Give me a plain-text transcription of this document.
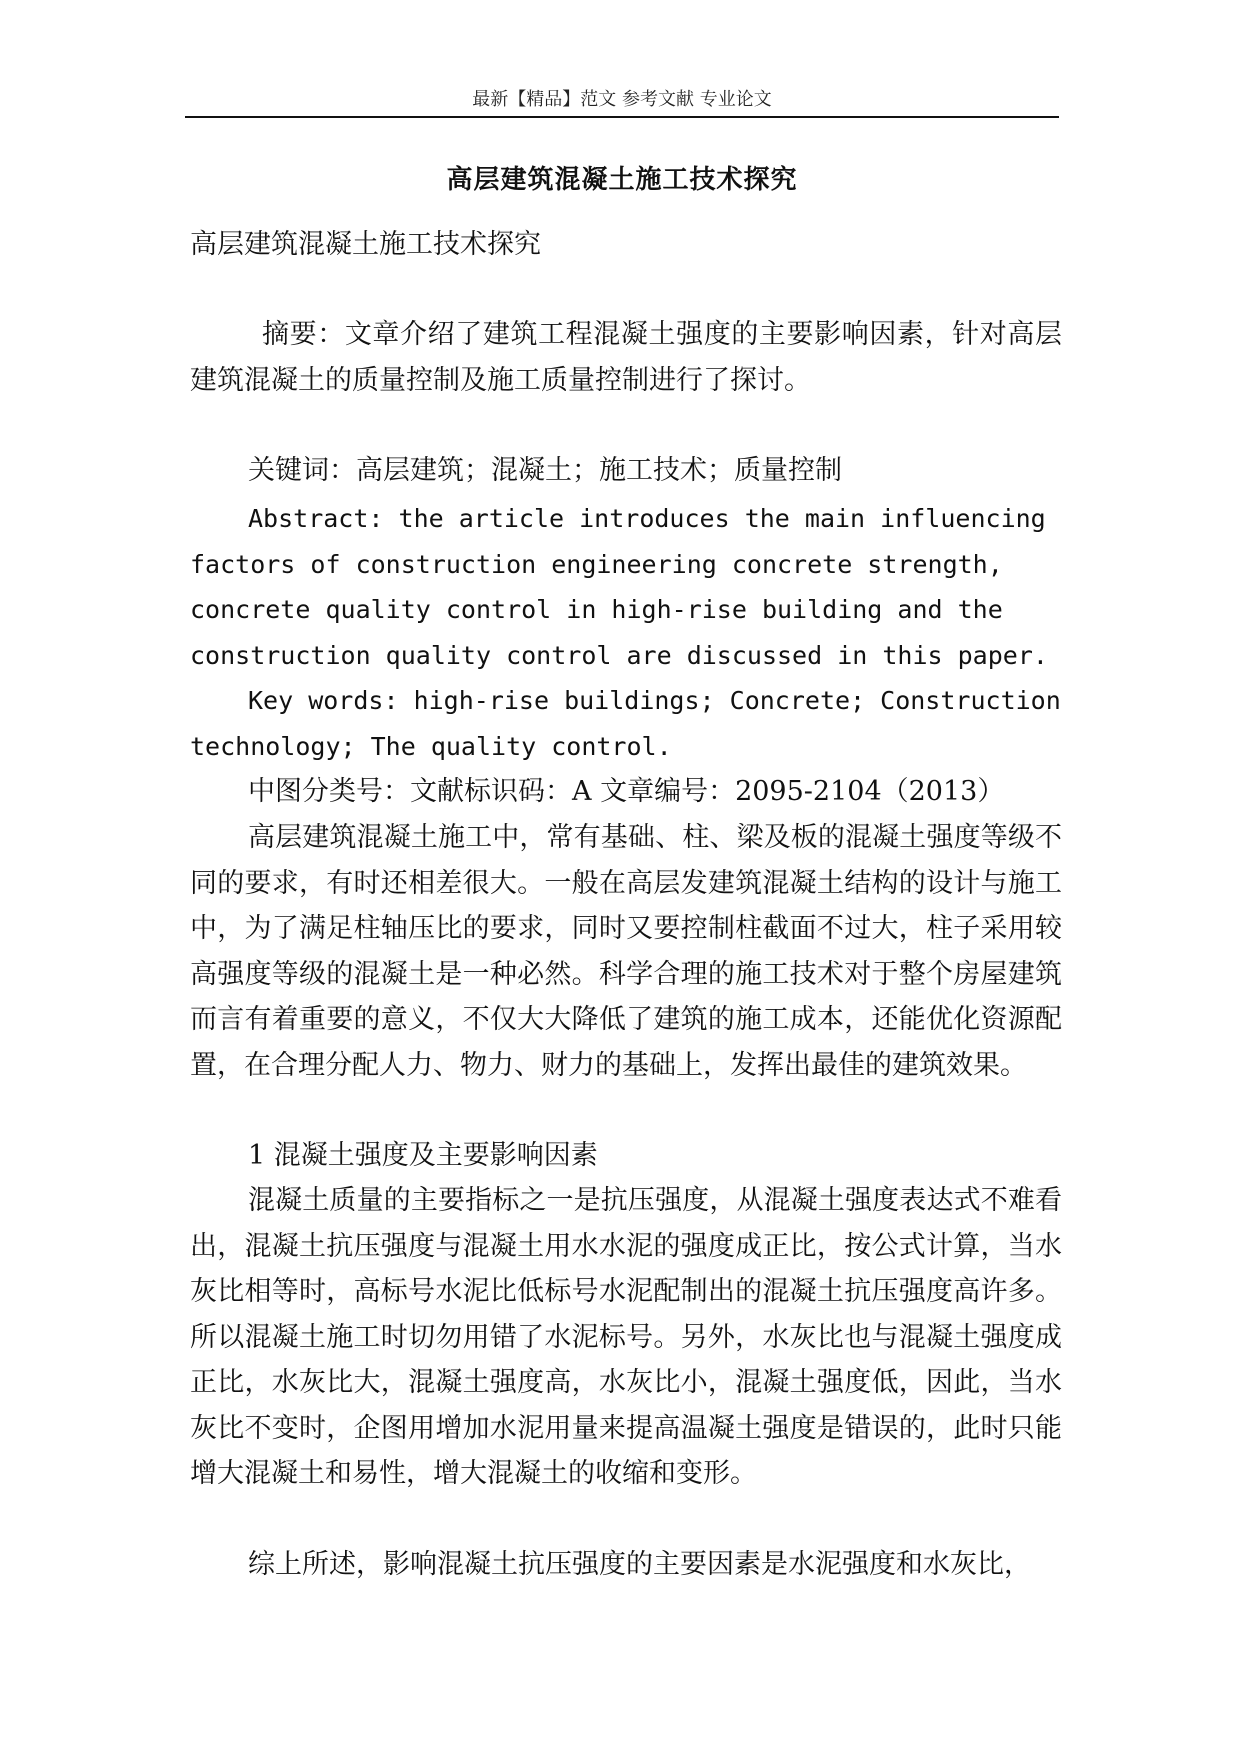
最新【精品】范文 参考文献 专业论文
高层建筑混凝土施工技术探究
高层建筑混凝土施工技术探究
摘要：文章介绍了建筑工程混凝土强度的主要影响因素，针对高层建筑混凝土的质量控制及施工质量控制进行了探讨。
关键词：高层建筑；混凝土；施工技术；质量控制
Abstract: the article introduces the main influencing
factors of construction engineering concrete strength,
concrete quality control in high-rise building and the
construction quality control are discussed in this paper.
Key words: high-rise buildings; Concrete; Construction
technology; The quality control.
中图分类号：文献标识码：A 文章编号：2095-2104（2013）
高层建筑混凝土施工中，常有基础、柱、梁及板的混凝土强度等级不同的要求，有时还相差很大。一般在高层发建筑混凝土结构的设计与施工中，为了满足柱轴压比的要求，同时又要控制柱截面不过大，柱子采用较高强度等级的混凝土是一种必然。科学合理的施工技术对于整个房屋建筑而言有着重要的意义，不仅大大降低了建筑的施工成本，还能优化资源配置，在合理分配人力、物力、财力的基础上，发挥出最佳的建筑效果。
1 混凝土强度及主要影响因素
混凝土质量的主要指标之一是抗压强度，从混凝土强度表达式不难看出，混凝土抗压强度与混凝土用水水泥的强度成正比，按公式计算，当水灰比相等时，高标号水泥比低标号水泥配制出的混凝土抗压强度高许多。所以混凝土施工时切勿用错了水泥标号。另外，水灰比也与混凝土强度成正比，水灰比大，混凝土强度高，水灰比小，混凝土强度低，因此，当水灰比不变时，企图用增加水泥用量来提高温凝土强度是错误的，此时只能增大混凝土和易性，增大混凝土的收缩和变形。
综上所述，影响混凝土抗压强度的主要因素是水泥强度和水灰比，
